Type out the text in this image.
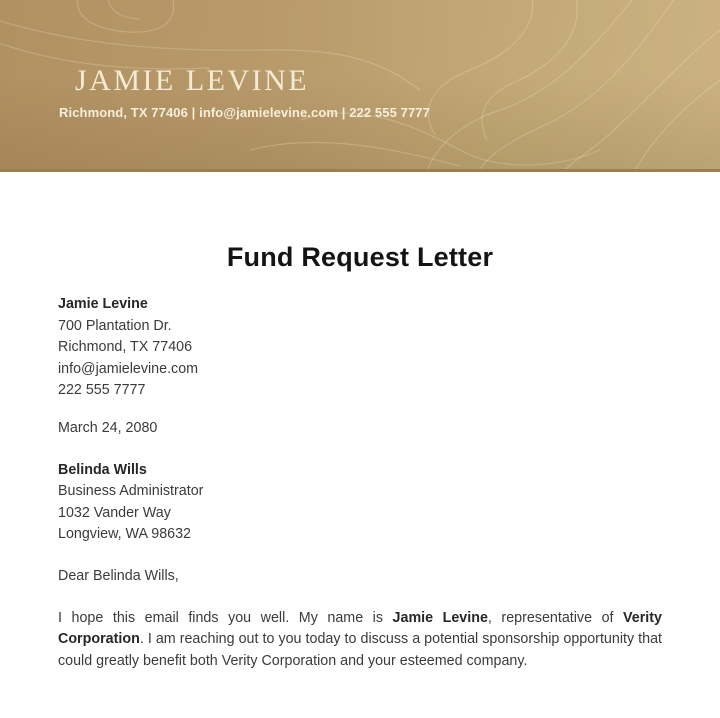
JAMIE LEVINE
Richmond, TX 77406 | info@jamielevine.com | 222 555 7777
Fund Request Letter
Jamie Levine
700 Plantation Dr.
Richmond, TX 77406
info@jamielevine.com
222 555 7777
March 24, 2080
Belinda Wills
Business Administrator
1032 Vander Way
Longview, WA 98632
Dear Belinda Wills,

I hope this email finds you well. My name is Jamie Levine, representative of Verity Corporation. I am reaching out to you today to discuss a potential sponsorship opportunity that could greatly benefit both Verity Corporation and your esteemed company.
